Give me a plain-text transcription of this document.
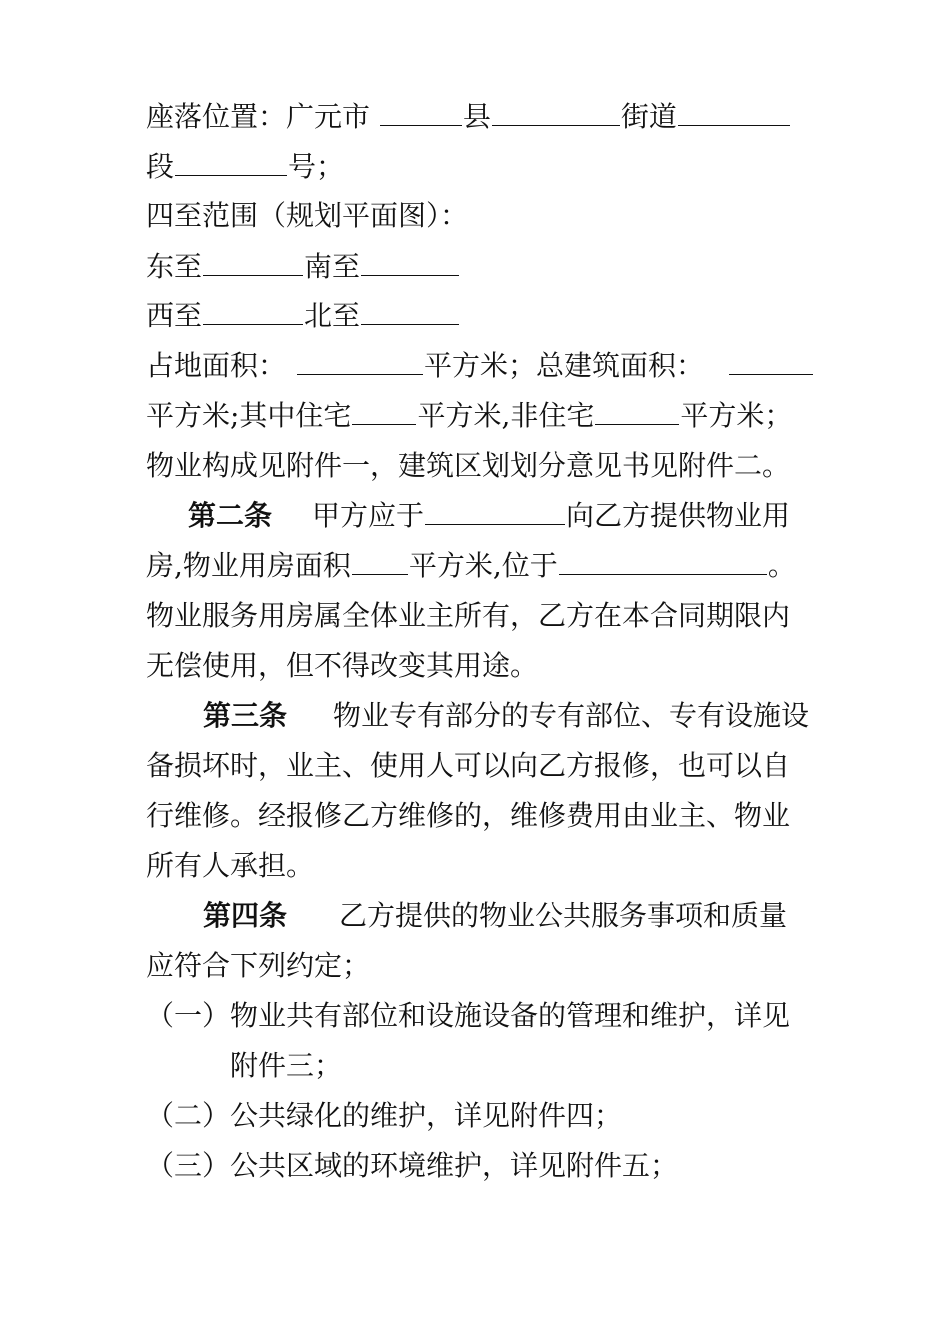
座落位置：广元市	县	街道
段	号；
四至范围（规划平面图）：
东至	南至
西至	北至
占地面积：	平方米；总建筑面积：
平方米;其中住宅 平方米,非住宅	平方米；
物业构成见附件一，建筑区划划分意见书见附件二。
第二条 甲方应于	向乙方提供物业用
房,物业用房面积 平方米,位于	。
物业服务用房属全体业主所有，乙方在本合同期限内
无偿使用，但不得改变其用途。
第三条 物业专有部分的专有部位、专有设施设
备损坏时，业主、使用人可以向乙方报修，也可以自
行维修。经报修乙方维修的，维修费用由业主、物业
所有人承担。
第四条 乙方提供的物业公共服务事项和质量
应符合下列约定；
（一）物业共有部位和设施设备的管理和维护，详见
附件三；
（二）公共绿化的维护，详见附件四；
（三）公共区域的环境维护，详见附件五；
